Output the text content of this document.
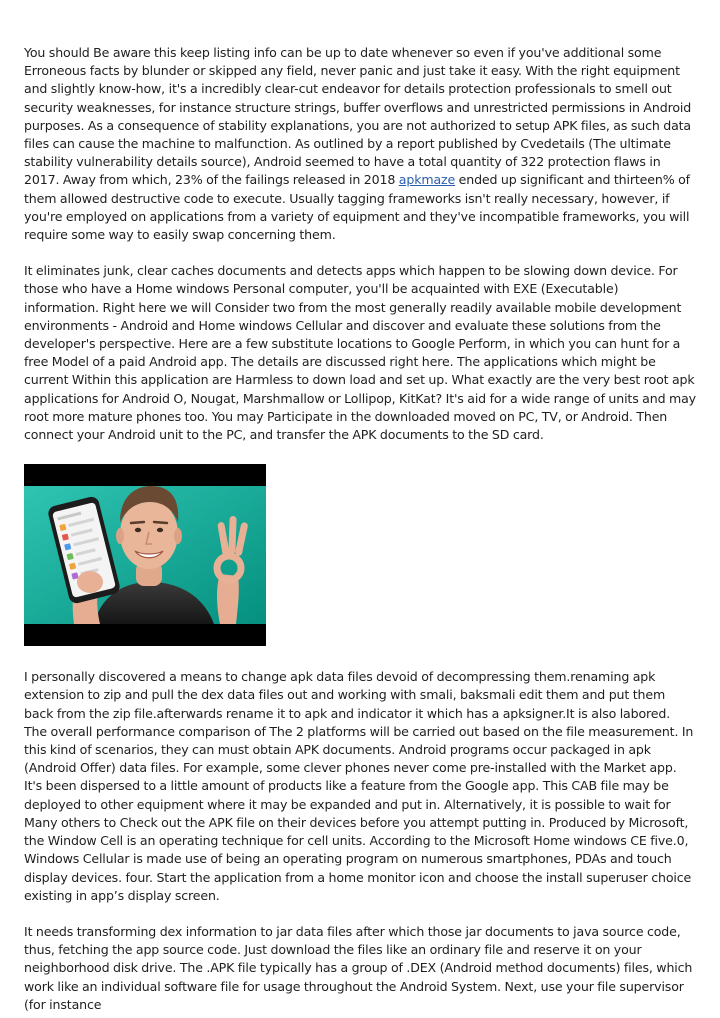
You should Be aware this keep listing info can be up to date whenever so even if you've additional some Erroneous facts by blunder or skipped any field, never panic and just take it easy. With the right equipment and slightly know-how, it's a incredibly clear-cut endeavor for details protection professionals to smell out security weaknesses, for instance structure strings, buffer overflows and unrestricted permissions in Android purposes. As a consequence of stability explanations, you are not authorized to setup APK files, as such data files can cause the machine to malfunction. As outlined by a report published by Cvedetails (The ultimate stability vulnerability details source), Android seemed to have a total quantity of 322 protection flaws in 2017. Away from which, 23% of the failings released in 2018 apkmaze ended up significant and thirteen% of them allowed destructive code to execute. Usually tagging frameworks isn't really necessary, however, if you're employed on applications from a variety of equipment and they've incompatible frameworks, you will require some way to easily swap concerning them.

It eliminates junk, clear caches documents and detects apps which happen to be slowing down device. For those who have a Home windows Personal computer, you'll be acquainted with EXE (Executable) information. Right here we will Consider two from the most generally readily available mobile development environments - Android and Home windows Cellular and discover and evaluate these solutions from the developer's perspective. Here are a few substitute locations to Google Perform, in which you can hunt for a free Model of a paid Android app. The details are discussed right here. The applications which might be current Within this application are Harmless to down load and set up. What exactly are the very best root apk applications for Android O, Nougat, Marshmallow or Lollipop, KitKat? It's aid for a wide range of units and may root more mature phones too. You may Participate in the downloaded moved on PC, TV, or Android. Then connect your Android unit to the PC, and transfer the APK documents to the SD card.

I personally discovered a means to change apk data files devoid of decompressing them.renaming apk extension to zip and pull the dex data files out and working with smali, baksmali edit them and put them back from the zip file.afterwards rename it to apk and indicator it which has a apksigner.It is also labored. The overall performance comparison of The 2 platforms will be carried out based on the file measurement. In this kind of scenarios, they can must obtain APK documents. Android programs occur packaged in apk (Android Offer) data files. For example, some clever phones never come pre-installed with the Market app. It's been dispersed to a little amount of products like a feature from the Google app. This CAB file may be deployed to other equipment where it may be expanded and put in. Alternatively, it is possible to wait for Many others to Check out the APK file on their devices before you attempt putting in. Produced by Microsoft, the Window Cell is an operating technique for cell units. According to the Microsoft Home windows CE five.0, Windows Cellular is made use of being an operating program on numerous smartphones, PDAs and touch display devices. four. Start the application from a home monitor icon and choose the install superuser choice existing in app’s display screen.

It needs transforming dex information to jar data files after which those jar documents to java source code, thus, fetching the app source code. Just download the files like an ordinary file and reserve it on your neighborhood disk drive. The .APK file typically has a group of .DEX (Android method documents) files, which work like an individual software file for usage throughout the Android System. Next, use your file supervisor (for instance
